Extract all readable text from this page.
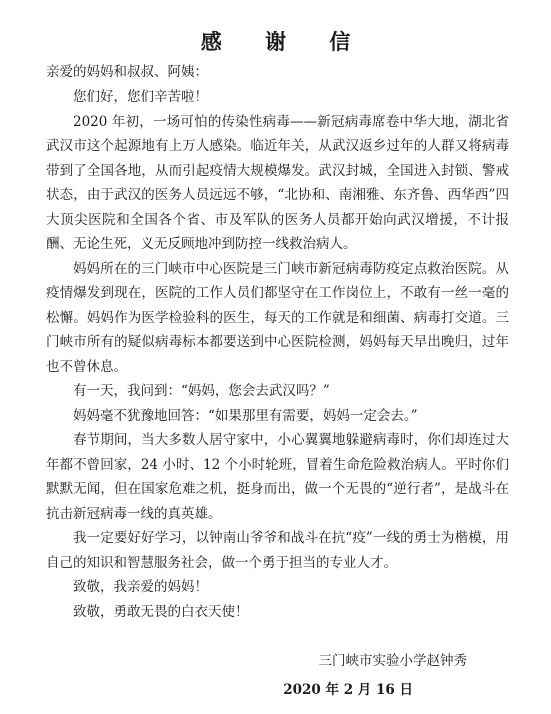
感 谢 信
亲爱的妈妈和叔叔、阿姨：
您们好，您们辛苦啦！
2020 年初，一场可怕的传染性病毒——新冠病毒席卷中华大地，湖北省武汉市这个起源地有上万人感染。临近年关，从武汉返乡过年的人群又将病毒带到了全国各地，从而引起疫情大规模爆发。武汉封城，全国进入封锁、警戒状态，由于武汉的医务人员远远不够，“北协和、南湘雅、东齐鲁、西华西”四大顶尖医院和全国各个省、市及军队的医务人员都开始向武汉增援，不计报酬、无论生死，义无反顾地冲到防控一线救治病人。
妈妈所在的三门峡市中心医院是三门峡市新冠病毒防疫定点救治医院。从疫情爆发到现在，医院的工作人员们都坚守在工作岗位上，不敢有一丝一毫的松懈。妈妈作为医学检验科的医生，每天的工作就是和细菌、病毒打交道。三门峡市所有的疑似病毒标本都要送到中心医院检测，妈妈每天早出晚归，过年也不曾休息。
有一天，我问到：“妈妈，您会去武汉吗？”
妈妈毫不犹豫地回答：“如果那里有需要，妈妈一定会去。”
春节期间，当大多数人居守家中，小心翼翼地躲避病毒时，你们却连过大年都不曾回家，24 小时、12 个小时轮班，冒着生命危险救治病人。平时你们默默无闻，但在国家危难之机，挺身而出，做一个无畏的“逆行者”，是战斗在抗击新冠病毒一线的真英雄。
我一定要好好学习，以钟南山爷爷和战斗在抗“疫”一线的勇士为楷模，用自己的知识和智慧服务社会，做一个勇于担当的专业人才。
致敬，我亲爱的妈妈！
致敬，勇敢无畏的白衣天使！
三门峡市实验小学赵钟秀
2020 年 2 月 16 日
